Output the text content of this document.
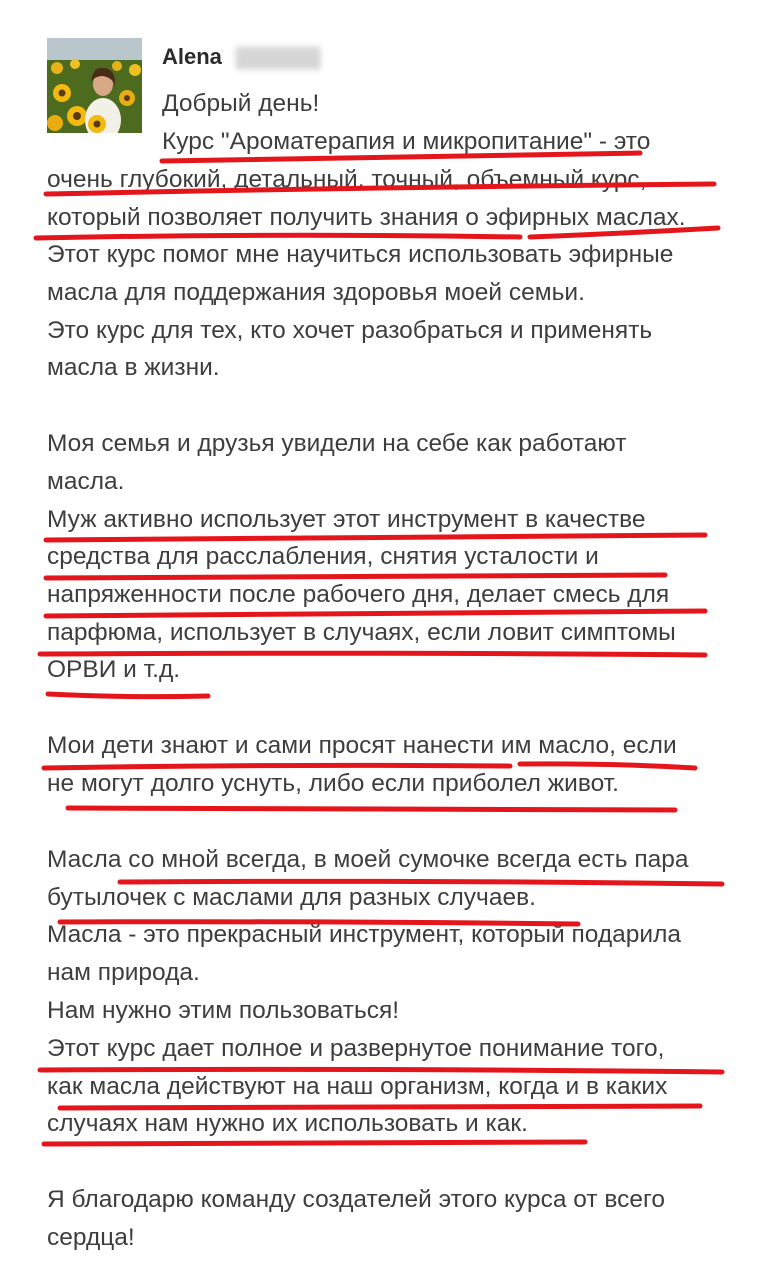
Alena ▇▇▇▇▇
Добрый день!
Курс "Ароматерапия и микропитание" - это
очень глубокий, детальный, точный, объемный курс,
который позволяет получить знания о эфирных маслах.
Этот курс помог мне научиться использовать эфирные
масла для поддержания здоровья моей семьи.
Это курс для тех, кто хочет разобраться и применять
масла в жизни.
Моя семья и друзья увидели на себе как работают
масла.
Муж активно использует этот инструмент в качестве
средства для расслабления, снятия усталости и
напряженности после рабочего дня, делает смесь для
парфюма, использует в случаях, если ловит симптомы
ОРВИ и т.д.
Мои дети знают и сами просят нанести им масло, если
не могут долго уснуть, либо если приболел живот.
Масла со мной всегда, в моей сумочке всегда есть пара
бутылочек с маслами для разных случаев.
Масла - это прекрасный инструмент, который подарила
нам природа.
Нам нужно этим пользоваться!
Этот курс дает полное и развернутое понимание того,
как масла действуют на наш организм, когда и в каких
случаях нам нужно их использовать и как.
Я благодарю команду создателей этого курса от всего
сердца!
